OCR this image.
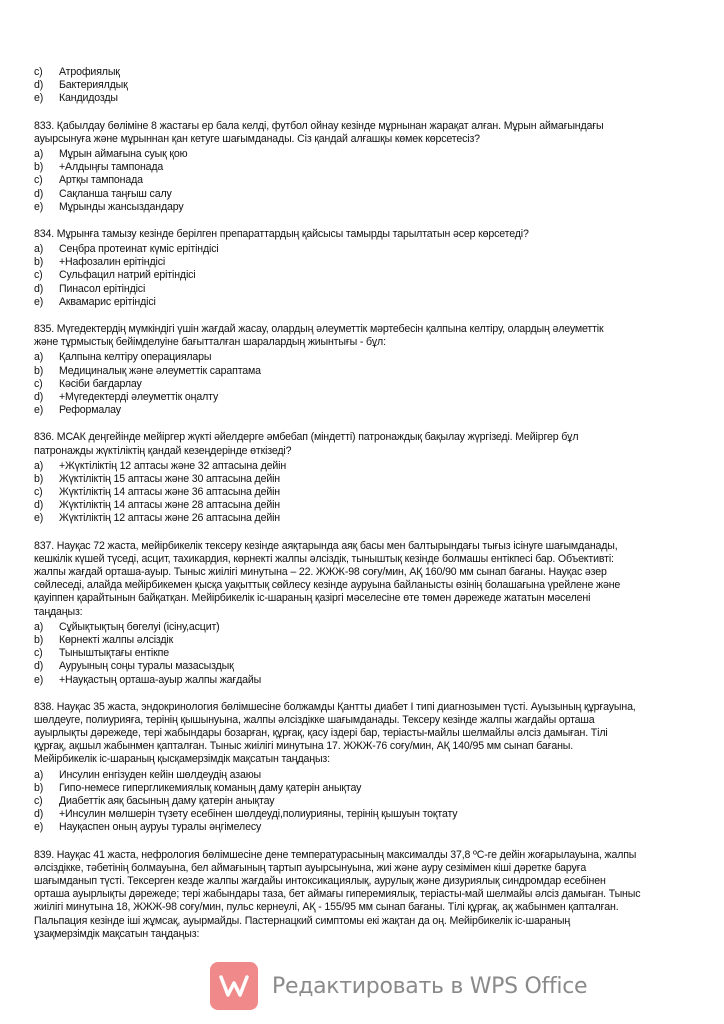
c)	Атрофиялық
d)	Бактериялдық
e)	Кандидозды
833. Қабылдау бөліміне 8 жастағы ер бала келді, футбол ойнау кезінде мұрнынан жарақат алған. Мұрын аймағындағы
ауырсынуға және мұрыннан қан кетуге шағымданады. Сіз қандай алғашқы көмек көрсетесіз?
a)	Мұрын аймағына суық қою
b)	+Алдыңғы тампонада
c)	Артқы тампонада
d)	Сақланша таңғыш салу
e)	Мұрынды жансыздандару
834. Мұрынға тамызу кезінде берілген препараттардың қайсысы тамырды тарылтатын әсер көрсетеді?
a)	Сеңбра протеинат күміс ерітіндісі
b)	+Нафозалин ерітіндісі
c)	Сульфацил натрий ерітіндісі
d)	Пинасол ерітіндісі
e)	Аквамарис ерітіндісі
835. Мүгедектердің мүмкіндігі үшін жағдай жасау, олардың әлеуметтік мәртебесін қалпына келтіру, олардың әлеуметтік
және тұрмыстық бейімделуіне бағытталған шаралардың жиынтығы - бұл:
a)	Қалпына келтіру операциялары
b)	Медициналық және әлеуметтік сараптама
c)	Кәсіби бағдарлау
d)	+Мүгедектерді әлеуметтік оңалту
e)	Реформалау
836. МСАК деңгейінде мейіргер жүкті әйелдерге әмбебап (міндетті) патронаждық бақылау жүргізеді. Мейіргер бұл
патронажды жүктіліктің қандай кезеңдерінде өткізеді?
a)	+Жүктіліктің 12 аптасы және 32 аптасына дейін
b)	Жүктіліктің 15 аптасы және 30 аптасына дейін
c)	Жүктіліктің 14 аптасы және 36 аптасына дейін
d)	Жүктіліктің 14 аптасы және 28 аптасына дейін
e)	Жүктіліктің 12 аптасы және 26 аптасына дейін
837. Науқас 72 жаста, мейірбикелік тексеру кезінде аяқтарында аяқ басы мен балтырындағы тығыз ісінуге шағымданады,
кешкілік күшей түседі, асцит, тахикардия, көрнекті жалпы әлсіздік, тыныштық кезінде болмашы ентікпесі бар. Объективті:
жалпы жағдай орташа-ауыр. Тыныс жиілігі минутына – 22. ЖЖЖ-98 соғу/мин, АҚ 160/90 мм сынап бағаны. Науқас әзер
сөйлеседі, алайда мейірбикемен қысқа уақыттық сөйлесу кезінде ауруына байланысты өзінің болашағына үрейлене және
қауіппен қарайтынын байқатқан. Мейірбикелік іс-шараның қазіргі мәселесіне өте төмен дәрежеде жататын мәселені
таңдаңыз:
a)	Сұйықтықтың бөгелуі (ісіну,асцит)
b)	Көрнекті жалпы әлсіздік
c)	Тыныштықтағы ентікпе
d)	Ауруының соңы туралы мазасыздық
e)	+Науқастың орташа-ауыр жалпы жағдайы
838. Науқас 35 жаста, эндокринология бөлімшесіне болжамды Қантты диабет I типі диагнозымен түсті. Ауызының құрғауына,
шөлдеуге, полиурияға, терінің қышынуына, жалпы әлсіздікке шағымданады. Тексеру кезінде жалпы жағдайы орташа
ауырлықты дәрежеде, тері жабындары бозарған, құрғақ, қасу іздері бар, теріасты-майлы шелмайлы әлсіз дамыған. Тілі
құрғақ, ақшыл жабынмен қапталған. Тыныс жиілігі минутына 17. ЖЖЖ-76 соғу/мин, АҚ 140/95 мм сынап бағаны.
Мейірбикелік іс-шараның қысқамерзімдік мақсатын таңдаңыз:
a)	Инсулин енгізуден кейін шөлдеудің азаюы
b)	Гипо-немесе гипергликемиялық команың даму қатерін анықтау
c)	Диабеттік аяқ басының даму қатерін анықтау
d)	+Инсулин мөлшерін түзету есебінен шөлдеуді,полиурияны, терінің қышуын тоқтату
e)	Науқаспен оның ауруы туралы әңгімелесу
839. Науқас 41 жаста, нефрология бөлімшесіне дене температурасының максималды 37,8 ºС-ге дейін жоғарылауына, жалпы
әлсіздікке, тәбетінің болмауына, бел аймағының тартып ауырсынуына, жиі және ауру сезімімен кіші дәретке баруға
шағымданып түсті. Тексерген кезде жалпы жағдайы интоксикациялық, аурулық және дизуриялық синдромдар есебінен
орташа ауырлықты дәрежеде; тері жабындары таза, бет аймағы гиперемиялық, теріасты-май шелмайы әлсіз дамыған. Тыныс
жиілігі минутына 18, ЖЖЖ-98 соғу/мин, пульс кернеулі, АҚ - 155/95 мм сынап бағаны. Тілі құрғақ, ақ жабынмен қапталған.
Пальпация кезінде іші жұмсақ, ауырмайды. Пастернацкий симптомы екі жақтан да оң. Мейірбикелік іс-шараның
ұзақмерзімдік мақсатын таңдаңыз:
Редактировать в WPS Office
